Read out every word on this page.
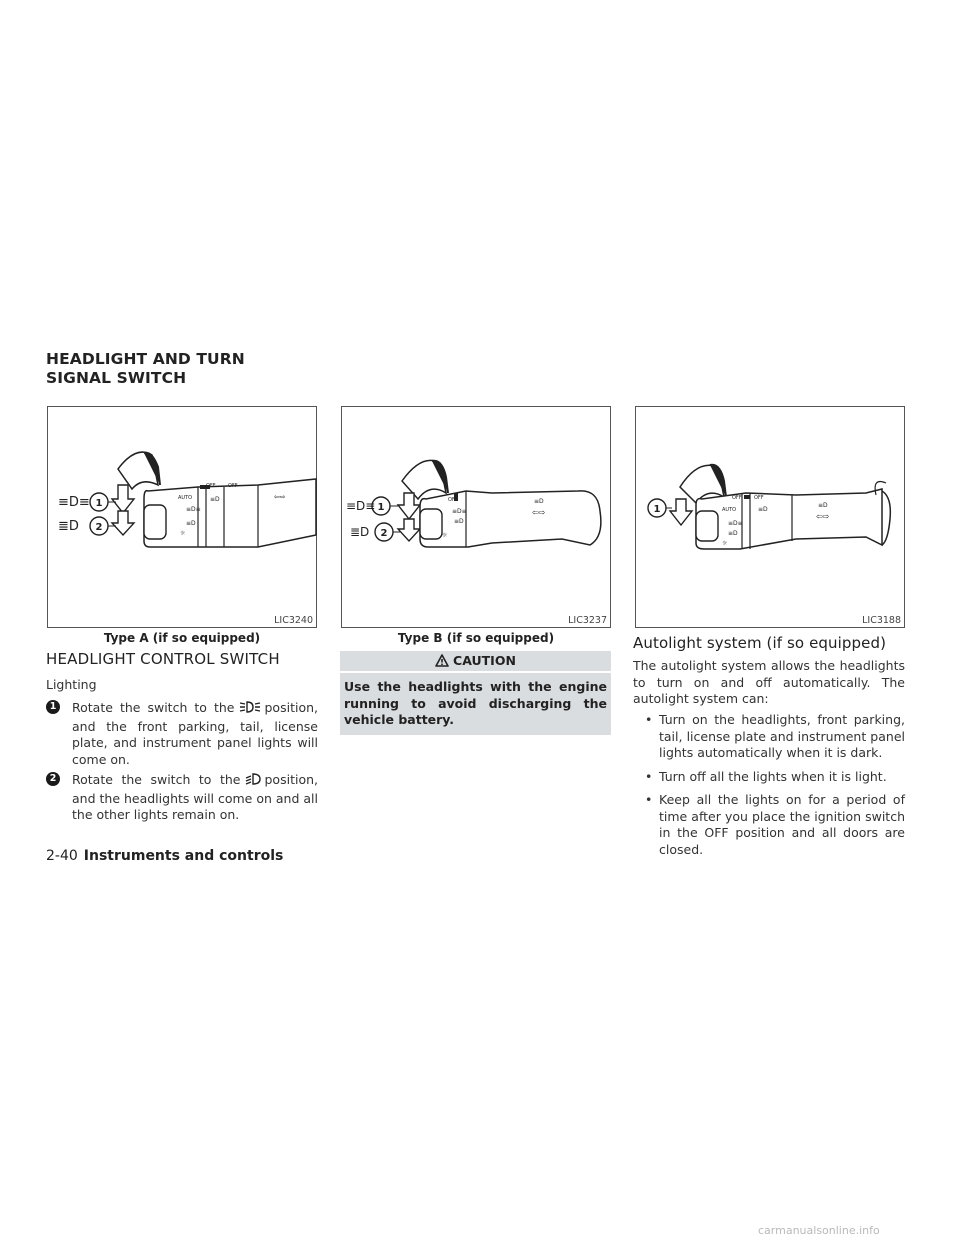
HEADLIGHT AND TURN SIGNAL SWITCH
OFF
AUTO
OFF
≡D≡
≡D
☼
≡D	⇦⇨
1
2
≡D≡
≣D
LIC3240

Type A (if so equipped)

OFF
≡D≡
≡D
☼
≡D
⇦⇨
1
2
≡D≡
≣D
LIC3237

Type B (if so equipped)

OFF
AUTO
OFF
≡D≡
≡D
☼
≡D
≡D
⇦⇨
1
LIC3188
HEADLIGHT CONTROL SWITCH

Lighting

1 Rotate the switch to the position, and the front parking, tail, license plate, and instrument panel lights will come on.
2 Rotate the switch to the position, and the headlights will come on and all the other lights remain on.
CAUTION
Use the headlights with the engine running to avoid discharging the vehicle battery.
Autolight system (if so equipped)

The autolight system allows the headlights to turn on and off automatically. The autolight system can:

• Turn on the headlights, front parking, tail, license plate and instrument panel lights automatically when it is dark.
• Turn off all the lights when it is light.
• Keep all the lights on for a period of time after you place the ignition switch in the OFF position and all doors are closed.
2-40 Instruments and controls
carmanualsonline.info
